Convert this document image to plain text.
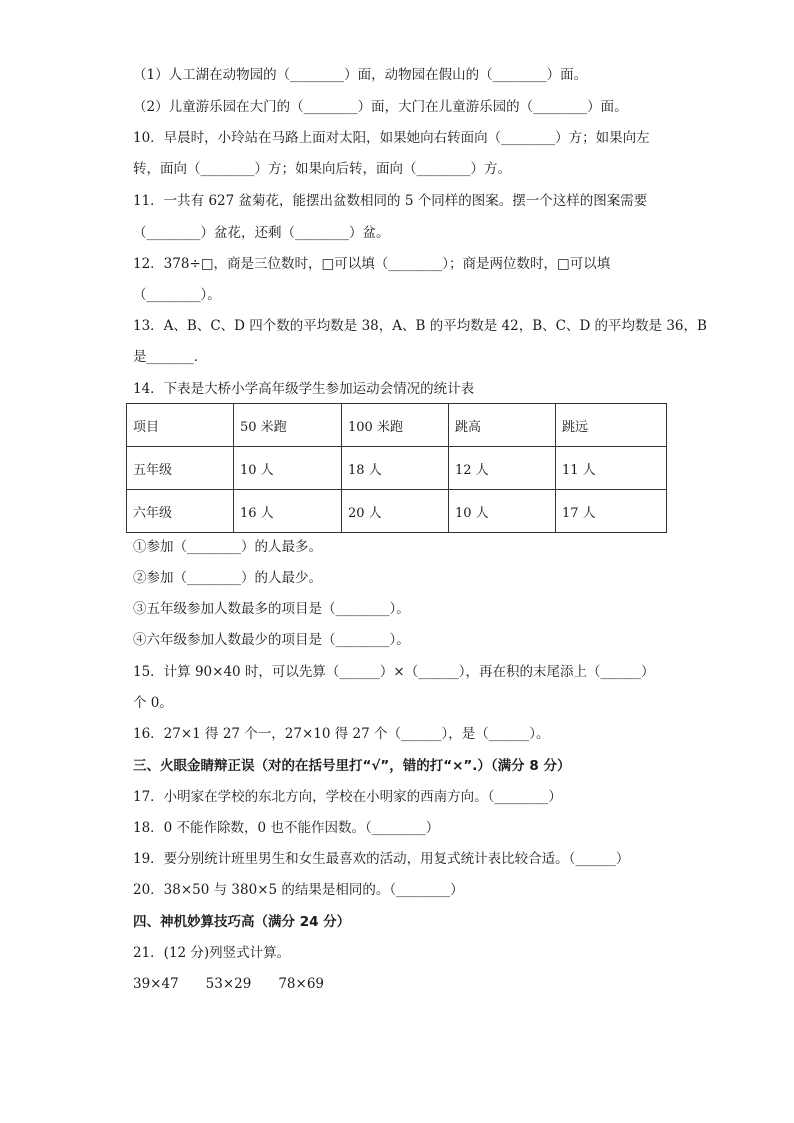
（1）人工湖在动物园的（________）面，动物园在假山的（________）面。
（2）儿童游乐园在大门的（________）面，大门在儿童游乐园的（________）面。
10．早晨时，小玲站在马路上面对太阳，如果她向右转面向（________）方；如果向左
转，面向（________）方；如果向后转，面向（________）方。
11．一共有 627 盆菊花，能摆出盆数相同的 5 个同样的图案。摆一个这样的图案需要
（________）盆花，还剩（________）盆。
12．378÷□，商是三位数时，□可以填（________）；商是两位数时，□可以填
（________）。
13．A、B、C、D 四个数的平均数是 38，A、B 的平均数是 42，B、C、D 的平均数是 36，B
是_______．
14．下表是大桥小学高年级学生参加运动会情况的统计表
项目	50 米跑	100 米跑	跳高	跳远
五年级	10 人	18 人	12 人	11 人
六年级	16 人	20 人	10 人	17 人
①参加（________）的人最多。
②参加（________）的人最少。
③五年级参加人数最多的项目是（________）。
④六年级参加人数最少的项目是（________）。
15．计算 90×40 时，可以先算（______）×（______），再在积的末尾添上（______）
个 0。
16．27×1 得 27 个一，27×10 得 27 个（______），是（______）。
三、火眼金睛辩正误（对的在括号里打“√”，错的打“×”.）（满分 8 分）
17．小明家在学校的东北方向，学校在小明家的西南方向。（________）
18．0 不能作除数，0 也不能作因数。（________）
19．要分别统计班里男生和女生最喜欢的活动，用复式统计表比较合适。（______）
20．38×50 与 380×5 的结果是相同的。（________）
四、神机妙算技巧高（满分 24 分）
21．(12 分)列竖式计算。
39×47　　53×29　　78×69
